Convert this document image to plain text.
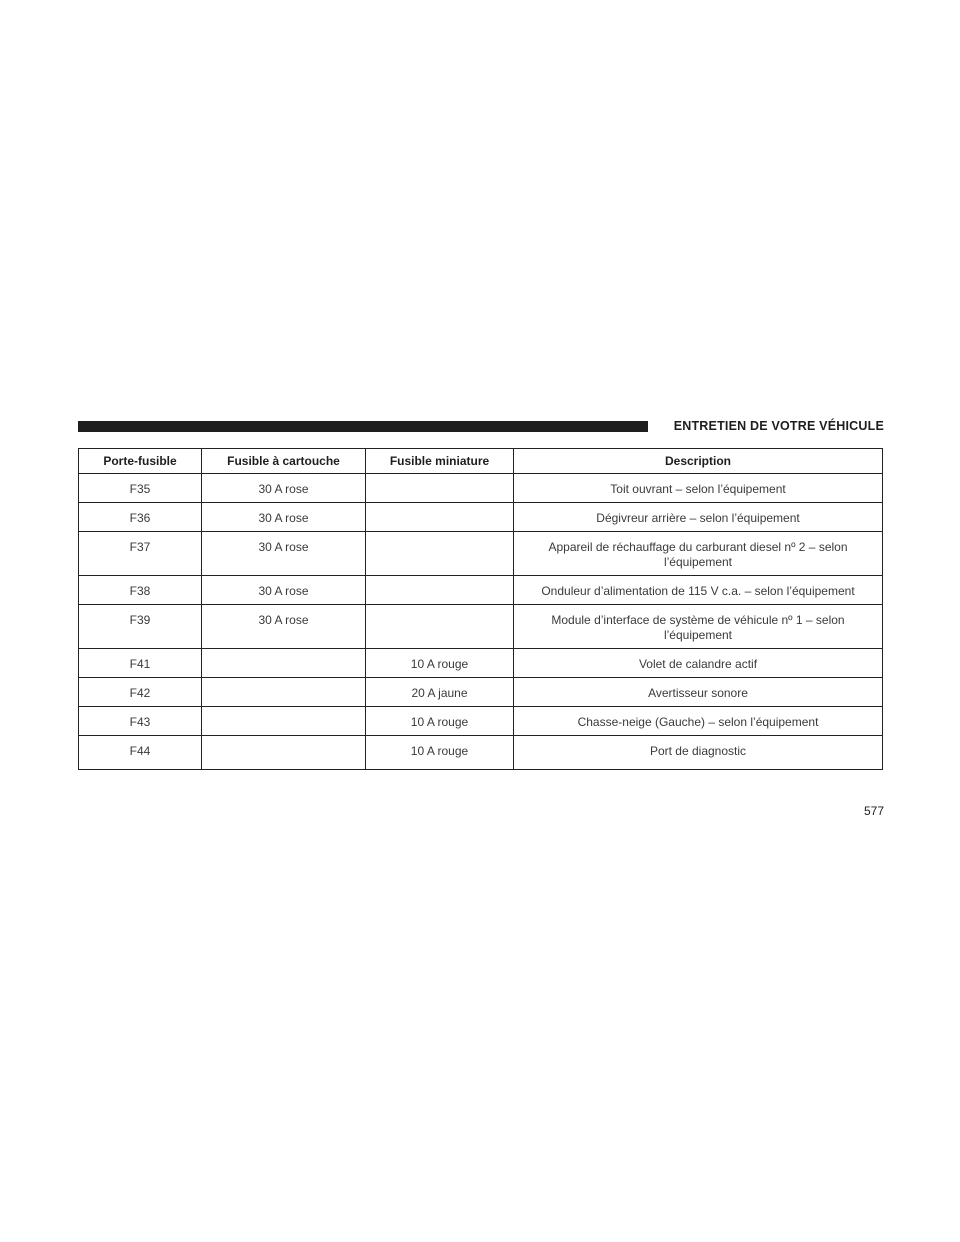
ENTRETIEN DE VOTRE VÉHICULE
Porte-fusible	Fusible à cartouche	Fusible miniature	Description
F35	30 A rose		Toit ouvrant – selon l’équipement
F36	30 A rose		Dégivreur arrière – selon l’équipement
F37	30 A rose		Appareil de réchauffage du carburant diesel nº 2 – selon l’équipement
F38	30 A rose		Onduleur d’alimentation de 115 V c.a. – selon l’équipement
F39	30 A rose		Module d’interface de système de véhicule nº 1 – selon l’équipement
F41		10 A rouge	Volet de calandre actif
F42		20 A jaune	Avertisseur sonore
F43		10 A rouge	Chasse-neige (Gauche) – selon l’équipement
F44		10 A rouge	Port de diagnostic
577
